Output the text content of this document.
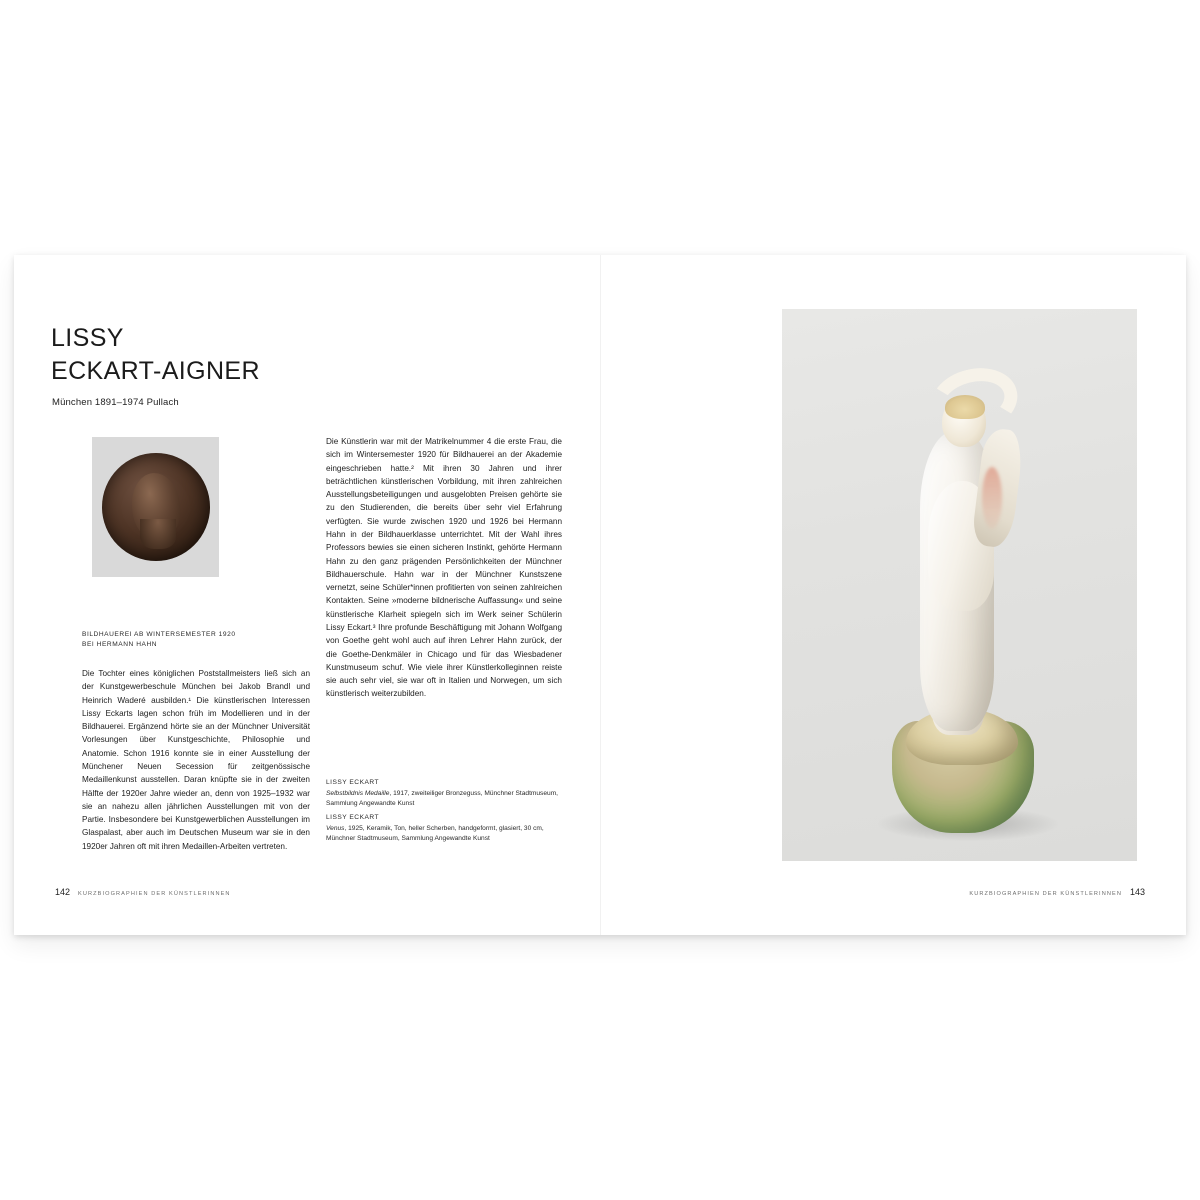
LISSY
ECKART-AIGNER
München 1891–1974 Pullach
BILDHAUEREI AB WINTERSEMESTER 1920
BEI HERMANN HAHN

Die Tochter eines königlichen Poststallmeisters ließ sich an der Kunstgewerbeschule München bei Jakob Brandl und Heinrich Waderé ausbilden.¹ Die künstlerischen Interessen Lissy Eckarts lagen schon früh im Modellieren und in der Bildhauerei. Ergänzend hörte sie an der Münchner Universität Vorlesungen über Kunstgeschichte, Philosophie und Anatomie. Schon 1916 konnte sie in einer Ausstellung der Münchener Neuen Secession für zeitgenössische Medaillenkunst ausstellen. Daran knüpfte sie in der zweiten Hälfte der 1920er Jahre wieder an, denn von 1925–1932 war sie an nahezu allen jährlichen Ausstellungen mit von der Partie. Insbesondere bei Kunstgewerblichen Ausstellungen im Glaspalast, aber auch im Deutschen Museum war sie in den 1920er Jahren oft mit ihren Medaillen-Arbeiten vertreten.

Die Künstlerin war mit der Matrikelnummer 4 die erste Frau, die sich im Wintersemester 1920 für Bildhauerei an der Akademie eingeschrieben hatte.² Mit ihren 30 Jahren und ihrer beträchtlichen künstlerischen Vorbildung, mit ihren zahlreichen Ausstellungsbeteiligungen und ausgelobten Preisen gehörte sie zu den Studierenden, die bereits über sehr viel Erfahrung verfügten. Sie wurde zwischen 1920 und 1926 bei Hermann Hahn in der Bildhauerklasse unterrichtet. Mit der Wahl ihres Professors bewies sie einen sicheren Instinkt, gehörte Hermann Hahn zu den ganz prägenden Persönlichkeiten der Münchner Bildhauerschule. Hahn war in der Münchner Kunstszene vernetzt, seine Schüler*innen profitierten von seinen zahlreichen Kontakten. Seine »moderne bildnerische Auffassung« und seine künstlerische Klarheit spiegeln sich im Werk seiner Schülerin Lissy Eckart.³ Ihre profunde Beschäftigung mit Johann Wolfgang von Goethe geht wohl auch auf ihren Lehrer Hahn zurück, der die Goethe-Denkmäler in Chicago und für das Wiesbadener Kunstmuseum schuf. Wie viele ihrer Künstlerkolleginnen reiste sie auch sehr viel, sie war oft in Italien und Norwegen, um sich künstlerisch weiterzubilden.

LISSY ECKART
Selbstbildnis Medaille, 1917, zweiteiliger Bronzeguss, Münchner Stadtmuseum, Sammlung Angewandte Kunst
LISSY ECKART
Venus, 1925, Keramik, Ton, heller Scherben, handgeformt, glasiert, 30 cm, Münchner Stadtmuseum, Sammlung Angewandte Kunst
142 KURZBIOGRAPHIEN DER KÜNSTLERINNEN	KURZBIOGRAPHIEN DER KÜNSTLERINNEN 143
